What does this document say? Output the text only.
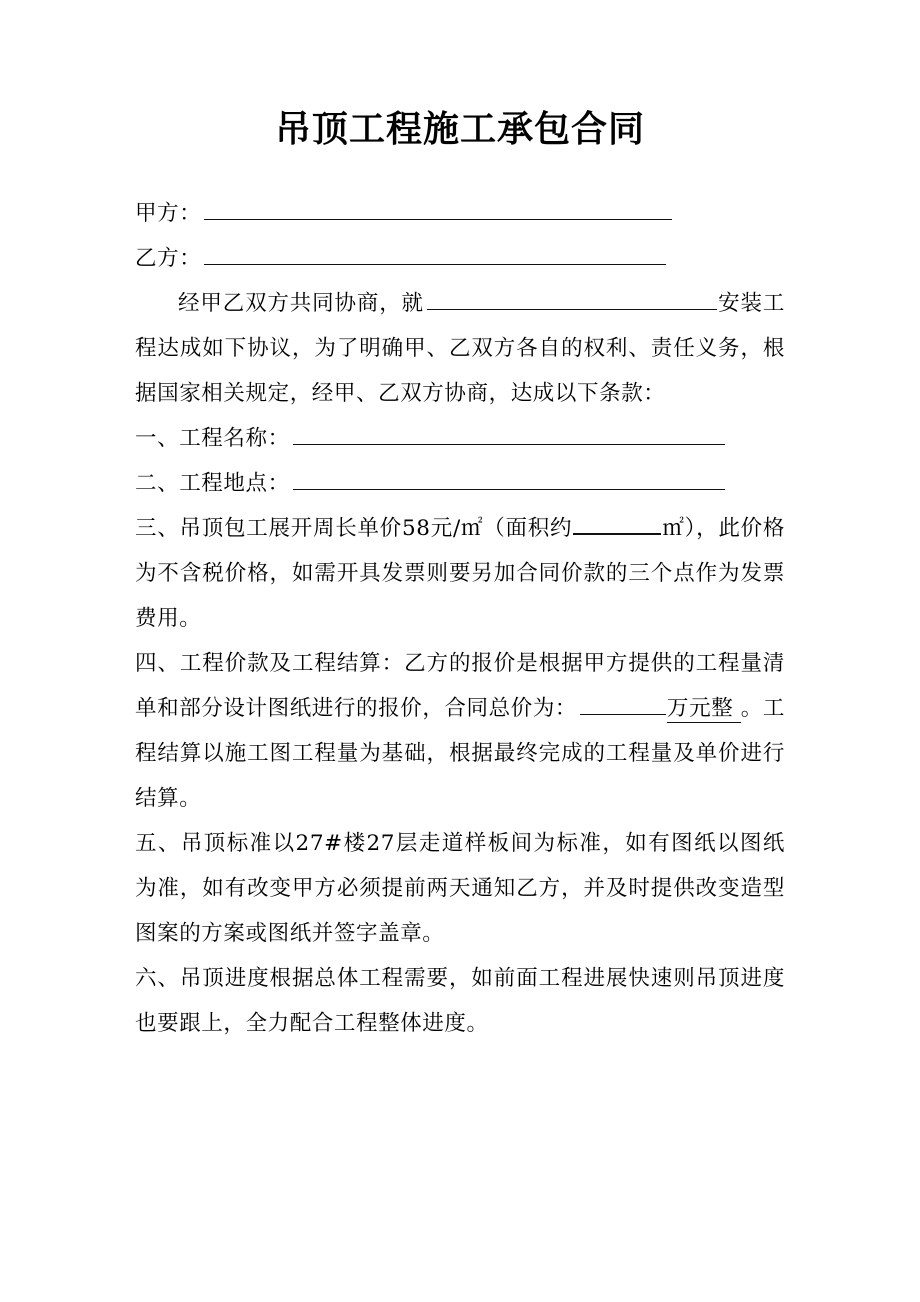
吊顶工程施工承包合同

甲方：

乙方：

经甲乙双方共同协商，就	安装工程达成如下协议，为了明确甲、乙双方各自的权利、责任义务，根据国家相关规定，经甲、乙双方协商，达成以下条款：

一、工程名称：

二、工程地点：

三、吊顶包工展开周长单价58元/㎡（面积约	㎡），此价格为不含税价格，如需开具发票则要另加合同价款的三个点作为发票费用。

四、工程价款及工程结算：乙方的报价是根据甲方提供的工程量清单和部分设计图纸进行的报价，合同总价为：	万元整 。工程结算以施工图工程量为基础，根据最终完成的工程量及单价进行结算。

五、吊顶标准以27#楼27层走道样板间为标准，如有图纸以图纸为准，如有改变甲方必须提前两天通知乙方，并及时提供改变造型图案的方案或图纸并签字盖章。

六、吊顶进度根据总体工程需要，如前面工程进展快速则吊顶进度也要跟上，全力配合工程整体进度。
